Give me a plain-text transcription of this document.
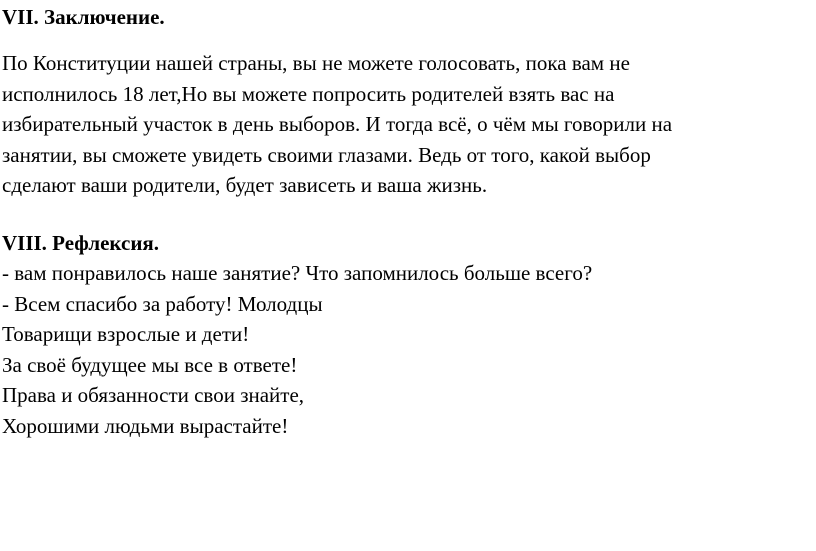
VII. Заключение.
По Конституции нашей страны, вы не можете голосовать, пока вам не
исполнилось 18 лет,Но вы можете попросить родителей взять вас на
избирательный участок в день выборов. И тогда всё, о чём мы говорили на
занятии, вы сможете увидеть своими глазами. Ведь от того, какой выбор
сделают ваши родители, будет зависеть и ваша жизнь.
VIII. Рефлексия.
- вам понравилось наше занятие? Что запомнилось больше всего?
- Всем спасибо за работу! Молодцы
Товарищи взрослые и дети!
За своё будущее мы все в ответе!
Права и обязанности свои знайте,
Хорошими людьми вырастайте!
